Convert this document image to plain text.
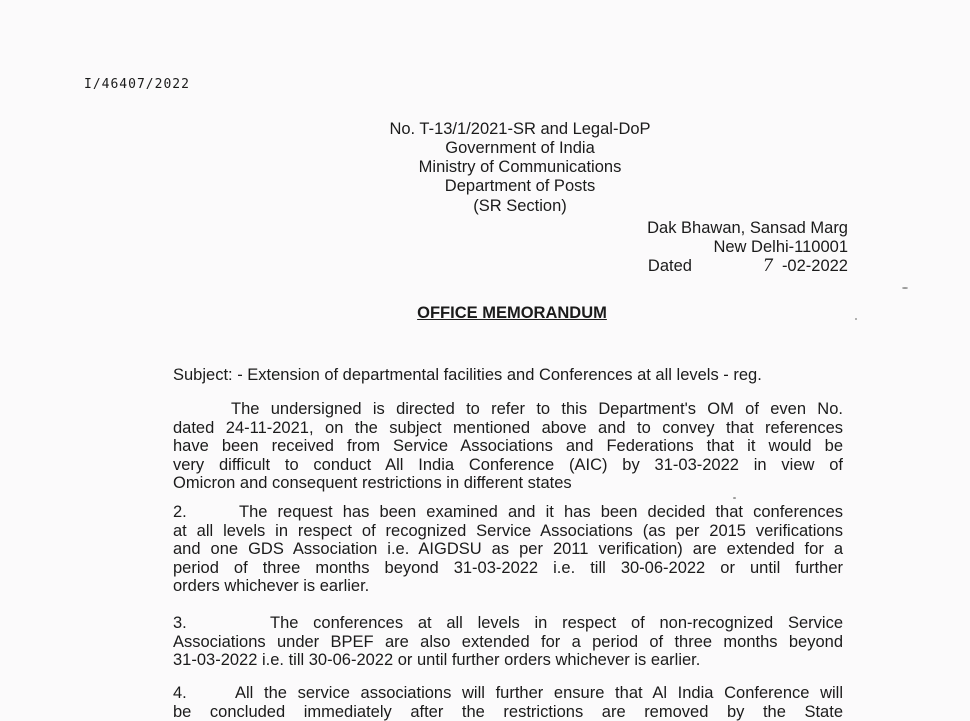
I/46407/2022
No. T-13/1/2021-SR and Legal-DoP
Government of India
Ministry of Communications
Department of Posts
(SR Section)
Dak Bhawan, Sansad Marg
New Delhi-110001
Dated	7 -02-2022
OFFICE MEMORANDUM
Subject: - Extension of departmental facilities and Conferences at all levels - reg.
The undersigned is directed to refer to this Department's OM of even No.
dated 24-11-2021, on the subject mentioned above and to convey that references
have been received from Service Associations and Federations that it would be
very difficult to conduct All India Conference (AIC) by 31-03-2022 in view of
Omicron and consequent restrictions in different states
2.	The request has been examined and it has been decided that conferences
at all levels in respect of recognized Service Associations (as per 2015 verifications
and one GDS Association i.e. AIGDSU as per 2011 verification) are extended for a
period of three months beyond 31-03-2022 i.e. till 30-06-2022 or until further
orders whichever is earlier.
3.	The conferences at all levels in respect of non-recognized Service
Associations under BPEF are also extended for a period of three months beyond
31-03-2022 i.e. till 30-06-2022 or until further orders whichever is earlier.
4.	All the service associations will further ensure that Al India Conference will
be concluded immediately after the restrictions are removed by the State
